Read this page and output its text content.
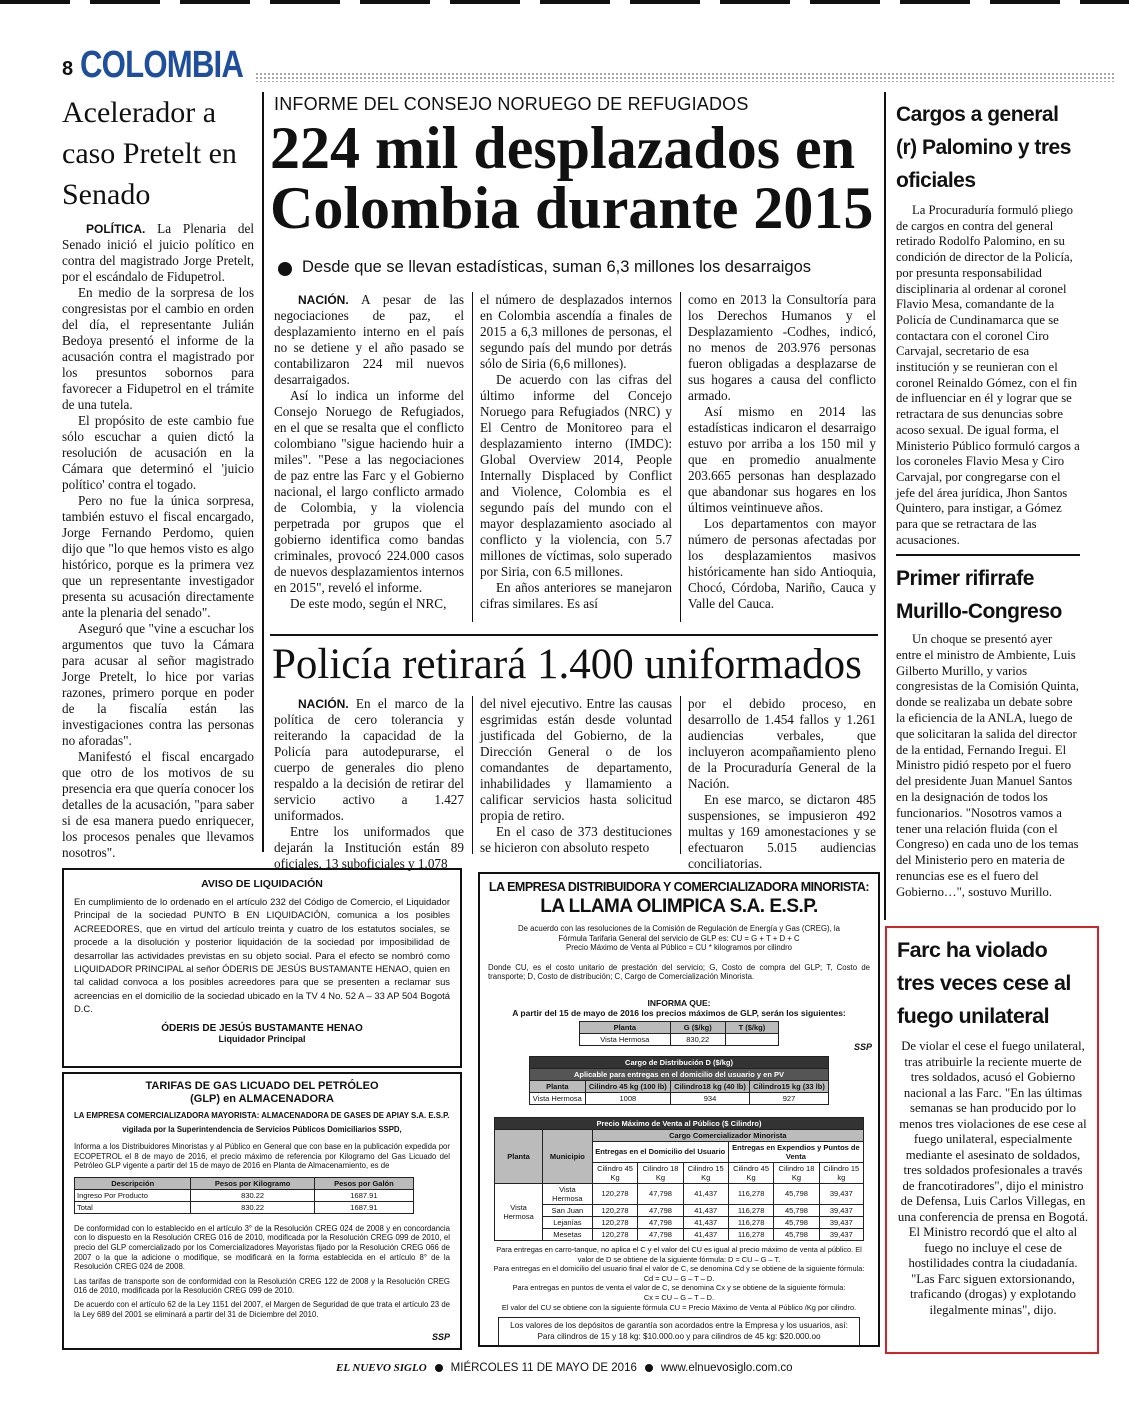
8 COLOMBIA
Acelerador a caso Pretelt en Senado

POLÍTICA. La Plenaria del Senado inició el juicio político en contra del magistrado Jorge Pretelt, por el escándalo de Fidupetrol.

En medio de la sorpresa de los congresistas por el cambio en orden del día, el representante Julián Bedoya presentó el informe de la acusación contra el magistrado por los presuntos sobornos para favorecer a Fidupetrol en el trámite de una tutela.

El propósito de este cambio fue sólo escuchar a quien dictó la resolución de acusación en la Cámara que determinó el 'juicio político' contra el togado.

Pero no fue la única sorpresa, también estuvo el fiscal encargado, Jorge Fernando Perdomo, quien dijo que "lo que hemos visto es algo histórico, porque es la primera vez que un representante investigador presenta su acusación directamente ante la plenaria del senado".

Aseguró que "vine a escuchar los argumentos que tuvo la Cámara para acusar al señor magistrado Jorge Pretelt, lo hice por varias razones, primero porque en poder de la fiscalía están las investigaciones contra las personas no aforadas".

Manifestó el fiscal encargado que otro de los motivos de su presencia era que quería conocer los detalles de la acusación, "para saber si de esa manera puedo enriquecer, los procesos penales que llevamos nosotros".

INFORME DEL CONSEJO NORUEGO DE REFUGIADOS
224 mil desplazados en
Colombia durante 2015
Desde que se llevan estadísticas, suman 6,3 millones los desarraigos

NACIÓN. A pesar de las negociaciones de paz, el desplazamiento interno en el país no se detiene y el año pasado se contabilizaron 224 mil nuevos desarraigados.

Así lo indica un informe del Consejo Noruego de Refugiados, en el que se resalta que el conflicto colombiano "sigue haciendo huir a miles". "Pese a las negociaciones de paz entre las Farc y el Gobierno nacional, el largo conflicto armado de Colombia, y la violencia perpetrada por grupos que el gobierno identifica como bandas criminales, provocó 224.000 casos de nuevos desplazamientos internos en 2015", reveló el informe.

De este modo, según el NRC,

el número de desplazados internos en Colombia ascendía a finales de 2015 a 6,3 millones de personas, el segundo país del mundo por detrás sólo de Siria (6,6 millones).

De acuerdo con las cifras del último informe del Concejo Noruego para Refugiados (NRC) y El Centro de Monitoreo para el desplazamiento interno (IMDC): Global Overview 2014, People Internally Displaced by Conflict and Violence, Colombia es el segundo país del mundo con el mayor desplazamiento asociado al conflicto y la violencia, con 5.7 millones de víctimas, solo superado por Siria, con 6.5 millones.

En años anteriores se manejaron cifras similares. Es así

como en 2013 la Consultoría para los Derechos Humanos y el Desplazamiento -Codhes, indicó, no menos de 203.976 personas fueron obligadas a desplazarse de sus hogares a causa del conflicto armado.

Así mismo en 2014 las estadísticas indicaron el desarraigo estuvo por arriba a los 150 mil y que en promedio anualmente 203.665 personas han desplazado que abandonar sus hogares en los últimos veintinueve años.

Los departamentos con mayor número de personas afectadas por los desplazamientos masivos históricamente han sido Antioquia, Chocó, Córdoba, Nariño, Cauca y Valle del Cauca.

Policía retirará 1.400 uniformados

NACIÓN. En el marco de la política de cero tolerancia y reiterando la capacidad de la Policía para autodepurarse, el cuerpo de generales dio pleno respaldo a la decisión de retirar del servicio activo a 1.427 uniformados.

Entre los uniformados que dejarán la Institución están 89 oficiales, 13 suboficiales y 1.078

del nivel ejecutivo. Entre las causas esgrimidas están desde voluntad justificada del Gobierno, de la Dirección General o de los comandantes de departamento, inhabilidades y llamamiento a calificar servicios hasta solicitud propia de retiro.

En el caso de 373 destituciones se hicieron con absoluto respeto

por el debido proceso, en desarrollo de 1.454 fallos y 1.261 audiencias verbales, que incluyeron acompañamiento pleno de la Procuraduría General de la Nación.

En ese marco, se dictaron 485 suspensiones, se impusieron 492 multas y 169 amonestaciones y se efectuaron 5.015 audiencias conciliatorias.

Cargos a general (r) Palomino y tres oficiales

La Procuraduría formuló pliego de cargos en contra del general retirado Rodolfo Palomino, en su condición de director de la Policía, por presunta responsabilidad disciplinaria al ordenar al coronel Flavio Mesa, comandante de la Policía de Cundinamarca que se contactara con el coronel Ciro Carvajal, secretario de esa institución y se reunieran con el coronel Reinaldo Gómez, con el fin de influenciar en él y lograr que se retractara de sus denuncias sobre acoso sexual. De igual forma, el Ministerio Público formuló cargos a los coroneles Flavio Mesa y Ciro Carvajal, por congregarse con el jefe del área jurídica, Jhon Santos Quintero, para instigar, a Gómez para que se retractara de las acusaciones.

Primer rifirrafe Murillo-Congreso

Un choque se presentó ayer entre el ministro de Ambiente, Luis Gilberto Murillo, y varios congresistas de la Comisión Quinta, donde se realizaba un debate sobre la eficiencia de la ANLA, luego de que solicitaran la salida del director de la entidad, Fernando Iregui. El Ministro pidió respeto por el fuero del presidente Juan Manuel Santos en la designación de todos los funcionarios. "Nosotros vamos a tener una relación fluida (con el Congreso) en cada uno de los temas del Ministerio pero en materia de renuncias ese es el fuero del Gobierno…", sostuvo Murillo.

Farc ha violado tres veces cese al fuego unilateral

De violar el cese el fuego unilateral, tras atribuirle la reciente muerte de tres soldados, acusó el Gobierno nacional a las Farc. "En las últimas semanas se han producido por lo menos tres violaciones de ese cese al fuego unilateral, especialmente mediante el asesinato de soldados, tres soldados profesionales a través de francotiradores", dijo el ministro de Defensa, Luis Carlos Villegas, en una conferencia de prensa en Bogotá. El Ministro recordó que el alto al fuego no incluye el cese de hostilidades contra la ciudadanía. "Las Farc siguen extorsionando, traficando (drogas) y explotando ilegalmente minas", dijo.

AVISO DE LIQUIDACIÓN
En cumplimiento de lo ordenado en el artículo 232 del Código de Comercio, el Liquidador Principal de la sociedad PUNTO B EN LIQUIDACIÓN, comunica a los posibles ACREEDORES, que en virtud del artículo treinta y cuatro de los estatutos sociales, se procede a la disolución y posterior liquidación de la sociedad por imposibilidad de desarrollar las actividades previstas en su objeto social. Para el efecto se nombró como LIQUIDADOR PRINCIPAL al señor ÓDERIS DE JESÚS BUSTAMANTE HENAO, quien en tal calidad convoca a los posibles acreedores para que se presenten a reclamar sus acreencias en el domicilio de la sociedad ubicado en la TV 4 No. 52 A – 33 AP 504 Bogotá D.C.
ÓDERIS DE JESÚS BUSTAMANTE HENAO
Liquidador Principal
TARIFAS DE GAS LICUADO DEL PETRÓLEO
(GLP) en ALMACENADORA
LA EMPRESA COMERCIALIZADORA MAYORISTA: ALMACENADORA DE GASES DE APIAY S.A. E.S.P.
vigilada por la Superintendencia de Servicios Públicos Domiciliarios SSPD,
Informa a los Distribuidores Minoristas y al Público en General que con base en la publicación expedida por ECOPETROL el 8 de mayo de 2016, el precio máximo de referencia por Kilogramo del Gas Licuado del Petróleo GLP vigente a partir del 15 de mayo de 2016 en Planta de Almacenamiento, es de
Descripción	Pesos por Kilogramo	Pesos por Galón
Ingreso Por Producto	830.22	1687.91
Total	830.22	1687.91
De conformidad con lo establecido en el artículo 3° de la Resolución CREG 024 de 2008 y en concordancia con lo dispuesto en la Resolución CREG 016 de 2010, modificada por la Resolución CREG 099 de 2010, el precio del GLP comercializado por los Comercializadores Mayoristas fijado por la Resolución CREG 066 de 2007 o la que la adicione o modifique, se modificará en la forma establecida en el artículo 8° de la Resolución CREG 024 de 2008.
Las tarifas de transporte son de conformidad con la Resolución CREG 122 de 2008 y la Resolución CREG 016 de 2010, modificada por la Resolución CREG 099 de 2010.
De acuerdo con el artículo 62 de la Ley 1151 del 2007, el Margen de Seguridad de que trata el artículo 23 de la Ley 689 del 2001 se eliminará a partir del 31 de Diciembre del 2010.
SSP
LA EMPRESA DISTRIBUIDORA Y COMERCIALIZADORA MINORISTA:
LA LLAMA OLIMPICA S.A. E.S.P.
De acuerdo con las resoluciones de la Comisión de Regulación de Energía y Gas (CREG), la Fórmula Tarifaria General del servicio de GLP es: CU = G + T + D + C
Precio Máximo de Venta al Público = CU * kilogramos por cilindro
Donde CU, es el costo unitario de prestación del servicio; G, Costo de compra del GLP; T, Costo de transporte; D, Costo de distribución; C, Cargo de Comercialización Minorista.
INFORMA QUE:
A partir del 15 de mayo de 2016 los precios máximos de GLP, serán los siguientes:
Planta	G ($/kg)	T ($/kg)
Vista Hermosa	830,22	
Cargo de Distribución D ($/kg)			
Aplicable para entregas en el domicilio del usuario y en PV			
Planta	Cilindro 45 kg (100 lb)	Cilindro18 kg (40 lb)	Cilindro15 kg (33 lb)
Vista Hermosa	1008	934	927
Precio Máximo de Venta al Público ($ Cilindro)							
Planta	Municipio	Cargo Comercializador Minorista					
		Entregas en el Domicilio del Usuario			Entregas en Expendios y Puntos de Venta		
		Cilindro 45 Kg	Cilindro 18 Kg	Cilindro 15 Kg	Cilindro 45 Kg	Cilindro 18 Kg	Cilindro 15 kg
Vista Hermosa	Vista Hermosa	120,278	47,798	41,437	116,278	45,798	39,437
	San Juan	120,278	47,798	41,437	116,278	45,798	39,437
	Lejanías	120,278	47,798	41,437	116,278	45,798	39,437
	Mesetas	120,278	47,798	41,437	116,278	45,798	39,437
Para entregas en carro-tanque, no aplica el C y el valor del CU es igual al precio máximo de venta al público. El valor de D se obtiene de la siguiente fórmula: D = CU – G – T.
Para entregas en el domicilio del usuario final el valor de C, se denomina Cd y se obtiene de la siguiente fórmula:
Cd = CU – G – T – D.
Para entregas en puntos de venta el valor de C, se denomina Cx y se obtiene de la siguiente fórmula:
Cx = CU – G – T – D.
El valor del CU se obtiene con la siguiente fórmula CU = Precio Máximo de Venta al Público /Kg por cilindro.
Los valores de los depósitos de garantía son acordados entre la Empresa y los usuarios, así: Para cilindros de 15 y 18 kg: $10.000.oo y para cilindros de 45 kg: $20.000.oo
SSP
EL NUEVO SIGLO MIÉRCOLES 11 DE MAYO DE 2016 www.elnuevosiglo.com.co
